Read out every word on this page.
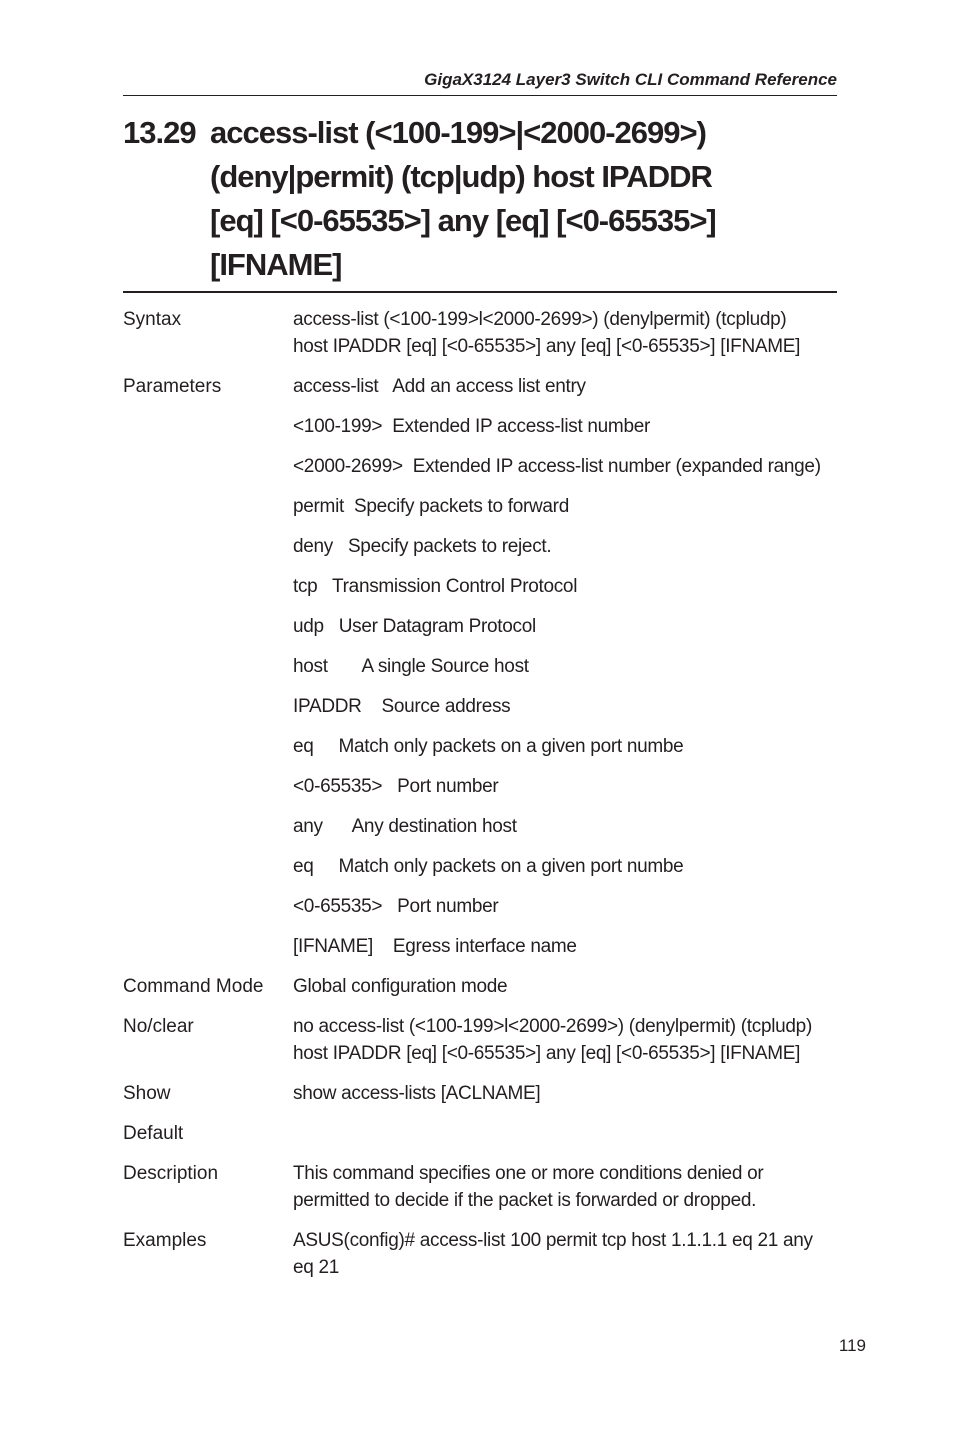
GigaX3124 Layer3 Switch CLI Command Reference
13.29 access-list (<100-199>|<2000-2699>)
(deny|permit) (tcp|udp) host IPADDR
[eq] [<0-65535>] any [eq] [<0-65535>]
[IFNAME]
Syntax	access-list (<100-199>l<2000-2699>) (denylpermit) (tcpludp)
host IPADDR [eq] [<0-65535>] any [eq] [<0-65535>] [IFNAME]
Parameters	access-list   Add an access list entry
<100-199>  Extended IP access-list number
<2000-2699>  Extended IP access-list number (expanded range)
permit  Specify packets to forward
deny   Specify packets to reject.
tcp   Transmission Control Protocol
udp   User Datagram Protocol
host       A single Source host
IPADDR    Source address
eq     Match only packets on a given port numbe
<0-65535>   Port number
any      Any destination host
eq     Match only packets on a given port numbe
<0-65535>   Port number
[IFNAME]    Egress interface name
Command Mode	Global configuration mode
No/clear	no access-list (<100-199>l<2000-2699>) (denylpermit) (tcpludp)
host IPADDR [eq] [<0-65535>] any [eq] [<0-65535>] [IFNAME]
Show	show access-lists [ACLNAME]
Default
Description	This command specifies one or more conditions denied or permitted to decide if the packet is forwarded or dropped.
Examples	ASUS(config)# access-list 100 permit tcp host 1.1.1.1 eq 21 any eq 21
119
